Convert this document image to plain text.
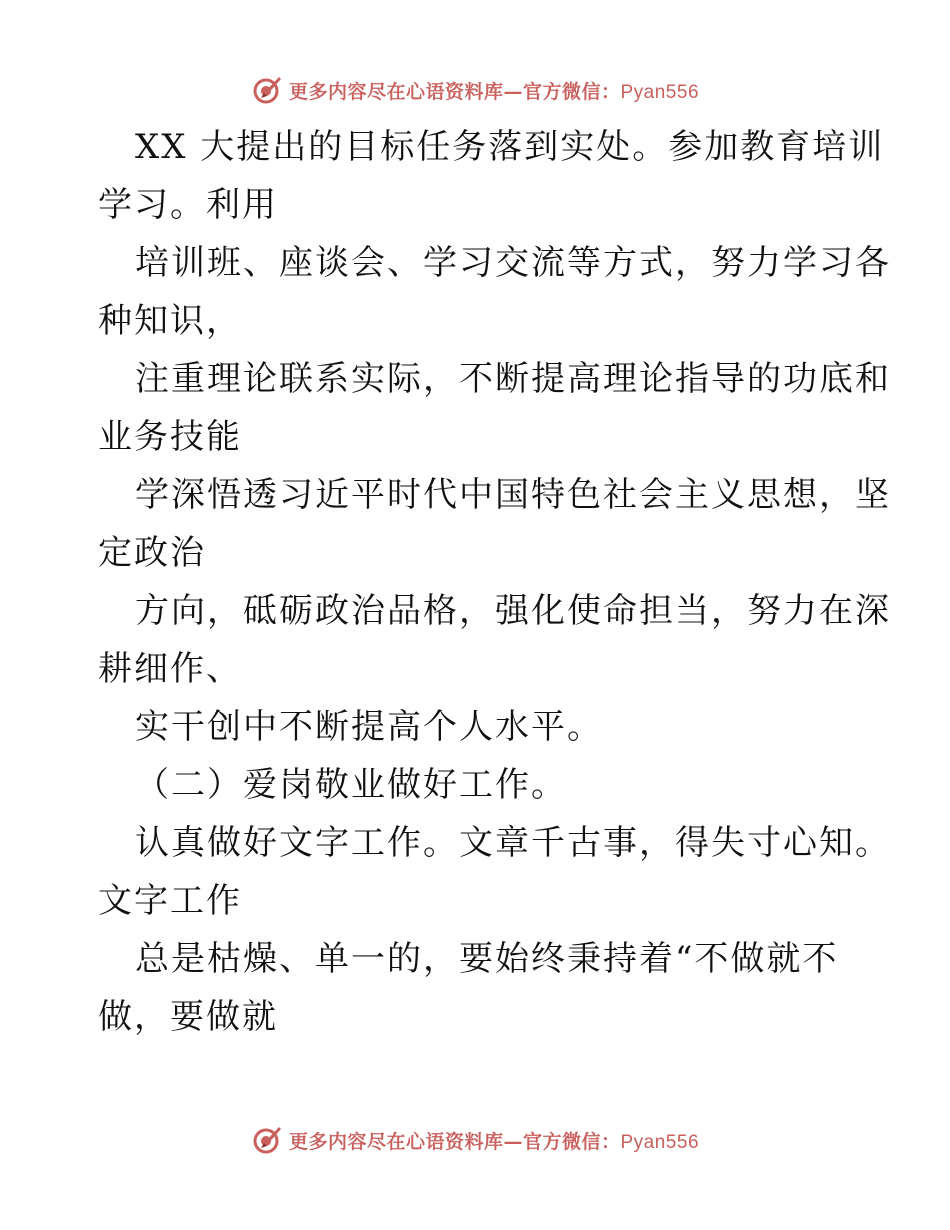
更多内容尽在心语资料库—官方微信：Pyan556
XX 大提出的目标任务落到实处。参加教育培训
学习。利用
培训班、座谈会、学习交流等方式，努力学习各
种知识，
注重理论联系实际，不断提高理论指导的功底和
业务技能
学深悟透习近平时代中国特色社会主义思想，坚
定政治
方向，砥砺政治品格，强化使命担当，努力在深
耕细作、
实干创中不断提高个人水平。
（二）爱岗敬业做好工作。
认真做好文字工作。文章千古事，得失寸心知。
文字工作
总是枯燥、单一的，要始终秉持着“不做就不
做，要做就
更多内容尽在心语资料库—官方微信：Pyan556
